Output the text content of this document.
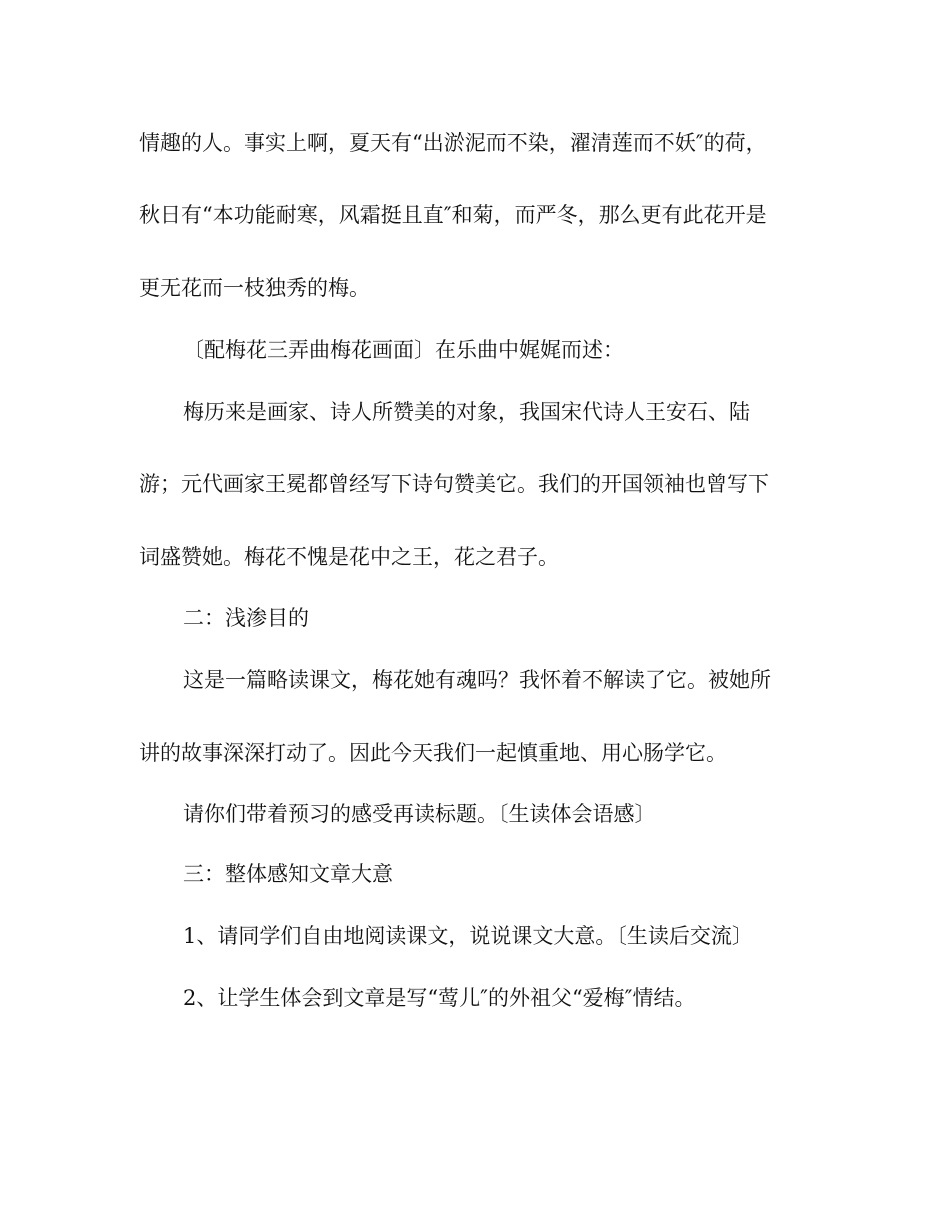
情趣的人。事实上啊，夏天有“出淤泥而不染，濯清莲而不妖″的荷，
秋日有“本功能耐寒，风霜挺且直″和菊，而严冬，那么更有此花开是
更无花而一枝独秀的梅。
〔配梅花三弄曲梅花画面〕在乐曲中娓娓而述：
梅历来是画家、诗人所赞美的对象，我国宋代诗人王安石、陆
游；元代画家王冕都曾经写下诗句赞美它。我们的开国领袖也曾写下
词盛赞她。梅花不愧是花中之王，花之君子。
二：浅渗目的
这是一篇略读课文，梅花她有魂吗？我怀着不解读了它。被她所
讲的故事深深打动了。因此今天我们一起慎重地、用心肠学它。
请你们带着预习的感受再读标题。〔生读体会语感〕
三：整体感知文章大意
1、请同学们自由地阅读课文，说说课文大意。〔生读后交流〕
2、让学生体会到文章是写“莺儿″的外祖父“爱梅″情结。
